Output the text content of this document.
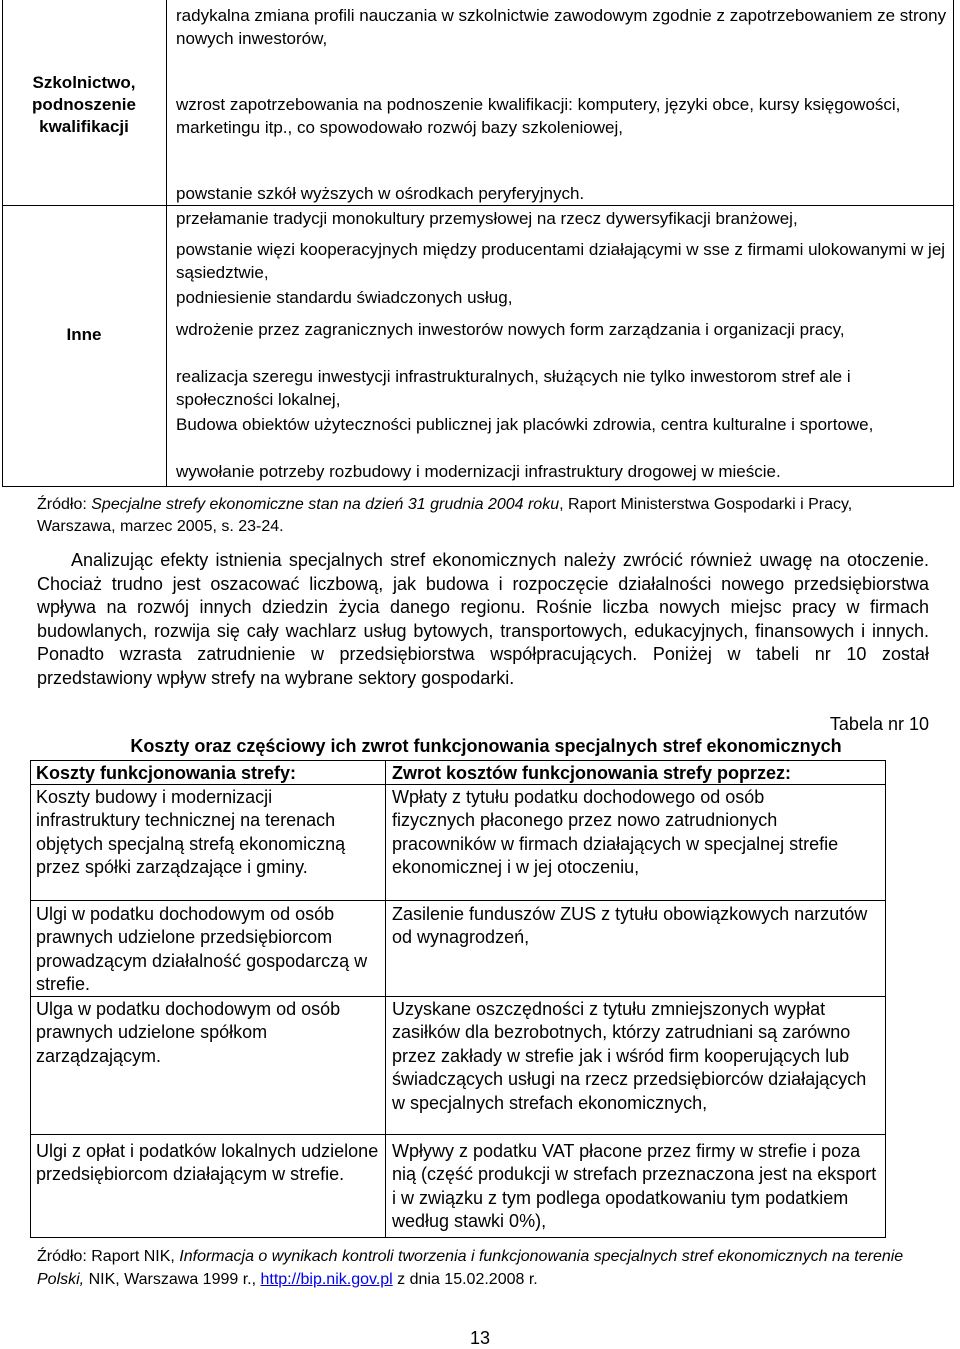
Szkolnictwo,
podnoszenie
kwalifikacji

radykalna zmiana profili nauczania w szkolnictwie zawodowym zgodnie z zapotrzebowaniem ze strony nowych inwestorów,

wzrost zapotrzebowania na podnoszenie kwalifikacji: komputery, języki obce, kursy księgowości, marketingu itp., co spowodowało rozwój bazy szkoleniowej,

powstanie szkół wyższych w ośrodkach peryferyjnych.

Inne

przełamanie tradycji monokultury przemysłowej na rzecz dywersyfikacji branżowej,

powstanie więzi kooperacyjnych między producentami działającymi w sse z firmami ulokowanymi w jej sąsiedztwie,

podniesienie standardu świadczonych usług,

wdrożenie przez zagranicznych inwestorów nowych form zarządzania i organizacji pracy,

realizacja szeregu inwestycji infrastrukturalnych, służących nie tylko inwestorom stref ale i społeczności lokalnej,

Budowa obiektów użyteczności publicznej jak placówki zdrowia, centra kulturalne i sportowe,

wywołanie potrzeby rozbudowy i modernizacji infrastruktury drogowej w mieście.

Źródło: Specjalne strefy ekonomiczne stan na dzień 31 grudnia 2004 roku, Raport Ministerstwa Gospodarki i Pracy, Warszawa, marzec 2005, s. 23-24.

Analizując efekty istnienia specjalnych stref ekonomicznych należy zwrócić również uwagę na otoczenie. Chociaż trudno jest oszacować liczbową, jak budowa i rozpoczęcie działalności nowego przedsiębiorstwa wpływa na rozwój innych dziedzin życia danego regionu. Rośnie liczba nowych miejsc pracy w firmach budowlanych, rozwija się cały wachlarz usług bytowych, transportowych, edukacyjnych, finansowych i innych. Ponadto wzrasta zatrudnienie w przedsiębiorstwa współpracujących. Poniżej w tabeli nr 10 został przedstawiony wpływ strefy na wybrane sektory gospodarki.

Tabela nr 10
Koszty oraz częściowy ich zwrot funkcjonowania specjalnych stref ekonomicznych
Koszty funkcjonowania strefy:	Zwrot kosztów funkcjonowania strefy poprzez:
Koszty budowy i modernizacji infrastruktury technicznej na terenach objętych specjalną strefą ekonomiczną przez spółki zarządzające i gminy.
Wpłaty z tytułu podatku dochodowego od osób fizycznych płaconego przez nowo zatrudnionych pracowników w firmach działających w specjalnej strefie ekonomicznej i w jej otoczeniu,
Ulgi w podatku dochodowym od osób prawnych udzielone przedsiębiorcom prowadzącym działalność gospodarczą w strefie.
Zasilenie funduszów ZUS z tytułu obowiązkowych narzutów od wynagrodzeń,
Ulga w podatku dochodowym od osób prawnych udzielone spółkom zarządzającym.
Uzyskane oszczędności z tytułu zmniejszonych wypłat zasiłków dla bezrobotnych, którzy zatrudniani są zarówno przez zakłady w strefie jak i wśród firm kooperujących lub świadczących usługi na rzecz przedsiębiorców działających w specjalnych strefach ekonomicznych,
Ulgi z opłat i podatków lokalnych udzielone przedsiębiorcom działającym w strefie.
Wpływy z podatku VAT płacone przez firmy w strefie i poza nią (część produkcji w strefach przeznaczona jest na eksport i w związku z tym podlega opodatkowaniu tym podatkiem według stawki 0%),
Źródło: Raport NIK, Informacja o wynikach kontroli tworzenia i funkcjonowania specjalnych stref ekonomicznych na terenie Polski, NIK, Warszawa 1999 r., http://bip.nik.gov.pl z dnia 15.02.2008 r.
13
